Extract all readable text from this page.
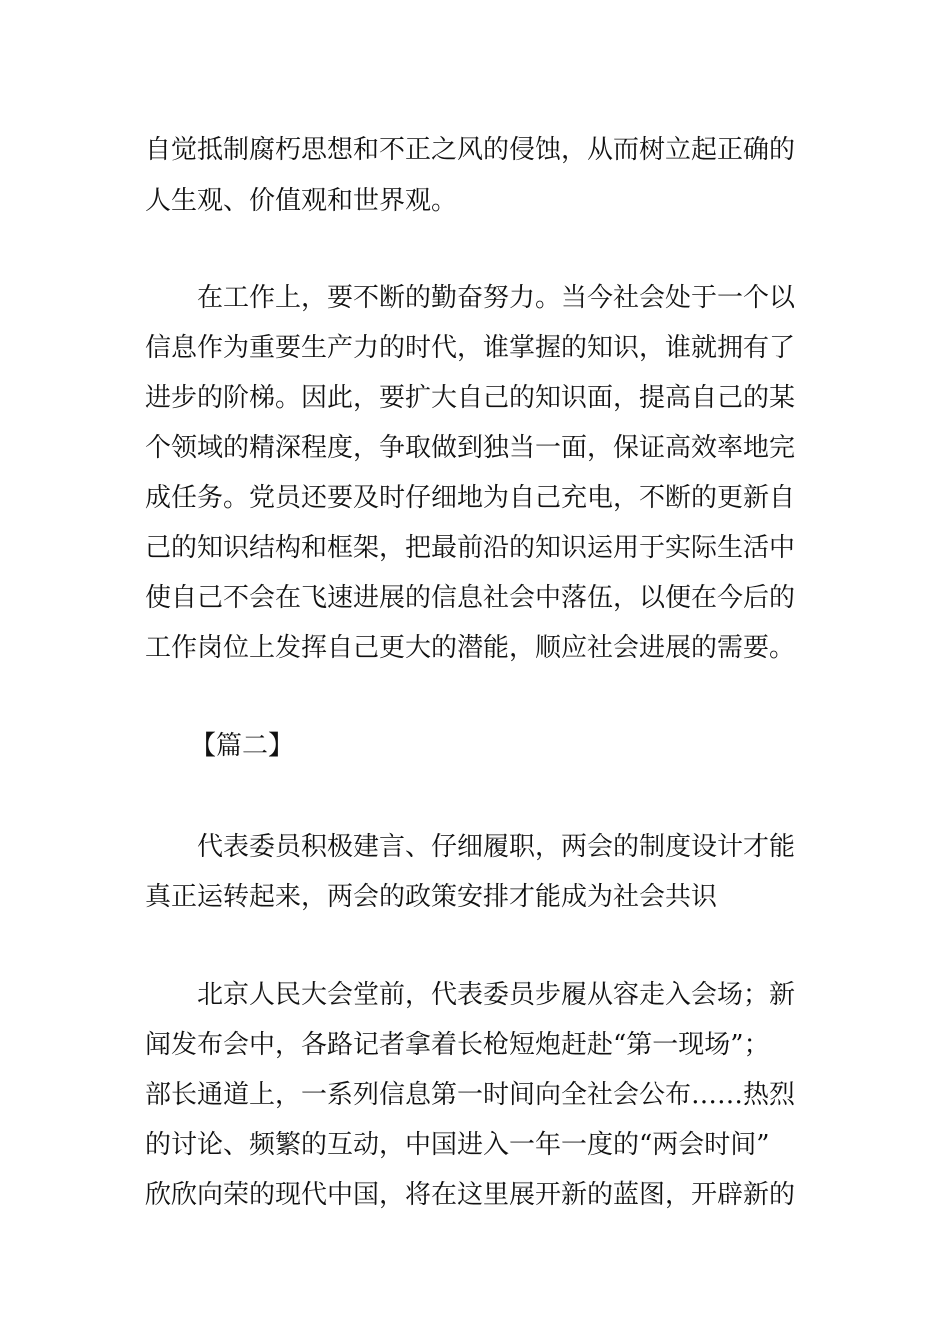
自觉抵制腐朽思想和不正之风的侵蚀，从而树立起正确的
人生观、价值观和世界观。
在工作上，要不断的勤奋努力。当今社会处于一个以
信息作为重要生产力的时代，谁掌握的知识，谁就拥有了
进步的阶梯。因此，要扩大自己的知识面，提高自己的某
个领域的精深程度，争取做到独当一面，保证高效率地完
成任务。党员还要及时仔细地为自己充电，不断的更新自
己的知识结构和框架，把最前沿的知识运用于实际生活中
使自己不会在飞速进展的信息社会中落伍，以便在今后的
工作岗位上发挥自己更大的潜能，顺应社会进展的需要。
【篇二】
代表委员积极建言、仔细履职，两会的制度设计才能
真正运转起来，两会的政策安排才能成为社会共识
北京人民大会堂前，代表委员步履从容走入会场；新
闻发布会中，各路记者拿着长枪短炮赶赴“第一现场”；
部长通道上，一系列信息第一时间向全社会公布……热烈
的讨论、频繁的互动，中国进入一年一度的“两会时间”
欣欣向荣的现代中国，将在这里展开新的蓝图，开辟新的
